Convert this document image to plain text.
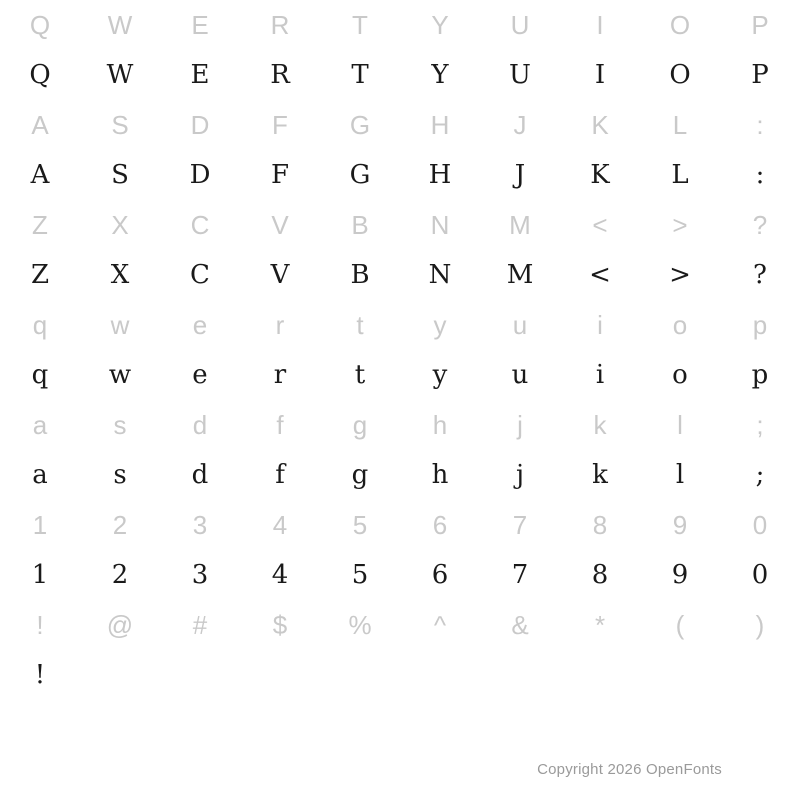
Q	W	E	R	T	Y	U	I	O	P
Q	W	E	R	T	Y	U	I	O	P
A	S	D	F	G	H	J	K	L	:
A	S	D	F	G	H	J	K	L	:
Z	X	C	V	B	N	M	<	>	?
Z	X	C	V	B	N	M	<	>	?
q	w	e	r	t	y	u	i	o	p
q	w	e	r	t	y	u	i	o	p
a	s	d	f	g	h	j	k	l	;
a	s	d	f	g	h	j	k	l	;
1	2	3	4	5	6	7	8	9	0
1	2	3	4	5	6	7	8	9	0
!	@	#	$	%	^	&	*	(	)
!
Copyright 2026 OpenFonts
